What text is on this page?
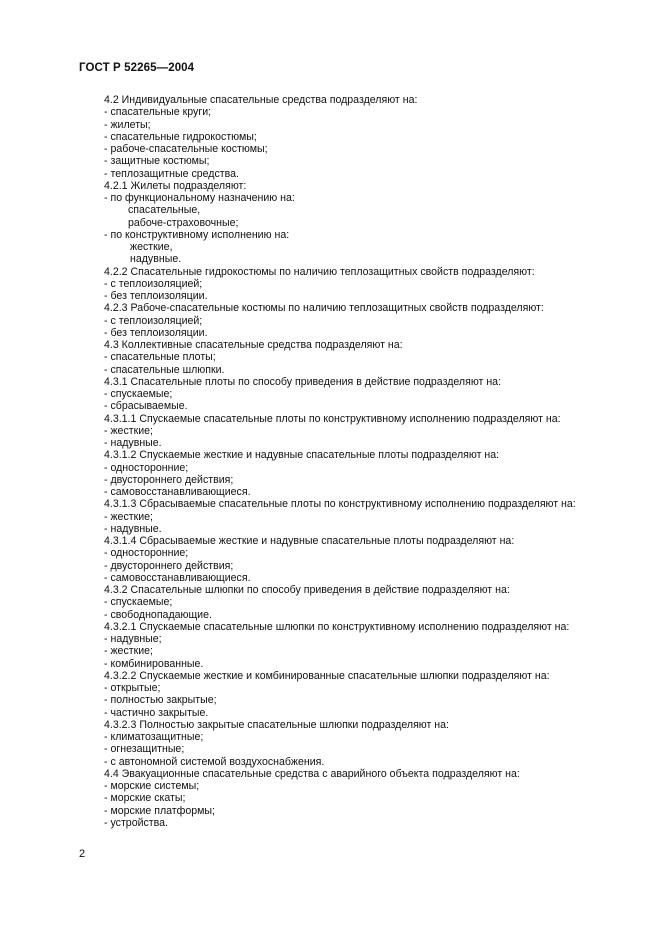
ГОСТ Р 52265—2004
4.2 Индивидуальные спасательные средства подразделяют на:
- спасательные круги;
- жилеты;
- спасательные гидрокостюмы;
- рабоче-спасательные костюмы;
- защитные костюмы;
- теплозащитные средства.
4.2.1 Жилеты подразделяют:
- по функциональному назначению на:
спасательные,
рабоче-страховочные;
- по конструктивному исполнению на:
жесткие,
надувные.
4.2.2 Спасательные гидрокостюмы по наличию теплозащитных свойств подразделяют:
- с теплоизоляцией;
- без теплоизоляции.
4.2.3 Рабоче-спасательные костюмы по наличию теплозащитных свойств подразделяют:
- с теплоизоляцией;
- без теплоизоляции.
4.3 Коллективные спасательные средства подразделяют на:
- спасательные плоты;
- спасательные шлюпки.
4.3.1 Спасательные плоты по способу приведения в действие подразделяют на:
- спускаемые;
- сбрасываемые.
4.3.1.1 Спускаемые спасательные плоты по конструктивному исполнению подразделяют на:
- жесткие;
- надувные.
4.3.1.2 Спускаемые жесткие и надувные спасательные плоты подразделяют на:
- односторонние;
- двустороннего действия;
- самовосстанавливающиеся.
4.3.1.3 Сбрасываемые спасательные плоты по конструктивному исполнению подразделяют на:
- жесткие;
- надувные.
4.3.1.4 Сбрасываемые жесткие и надувные спасательные плоты подразделяют на:
- односторонние;
- двустороннего действия;
- самовосстанавливающиеся.
4.3.2 Спасательные шлюпки по способу приведения в действие подразделяют на:
- спускаемые;
- свободнопадающие.
4.3.2.1 Спускаемые спасательные шлюпки по конструктивному исполнению подразделяют на:
- надувные;
- жесткие;
- комбинированные.
4.3.2.2 Спускаемые жесткие и комбинированные спасательные шлюпки подразделяют на:
- открытые;
- полностью закрытые;
- частично закрытые.
4.3.2.3 Полностью закрытые спасательные шлюпки подразделяют на:
- климатозащитные;
- огнезащитные;
- с автономной системой воздухоснабжения.
4.4 Эвакуационные спасательные средства с аварийного объекта подразделяют на:
- морские системы;
- морские скаты;
- морские платформы;
- устройства.
2
